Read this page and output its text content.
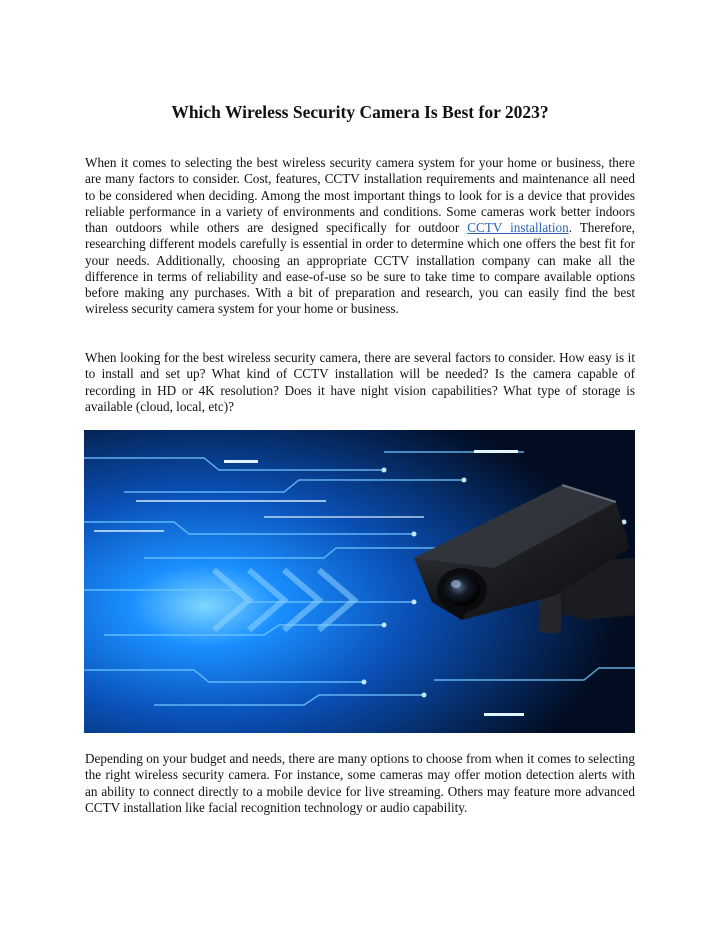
Which Wireless Security Camera Is Best for 2023?

When it comes to selecting the best wireless security camera system for your home or business, there are many factors to consider. Cost, features, CCTV installation requirements and maintenance all need to be considered when deciding. Among the most important things to look for is a device that provides reliable performance in a variety of environments and conditions. Some cameras work better indoors than outdoors while others are designed specifically for outdoor CCTV installation. Therefore, researching different models carefully is essential in order to determine which one offers the best fit for your needs. Additionally, choosing an appropriate CCTV installation company can make all the difference in terms of reliability and ease-of-use so be sure to take time to compare available options before making any purchases. With a bit of preparation and research, you can easily find the best wireless security camera system for your home or business.

When looking for the best wireless security camera, there are several factors to consider. How easy is it to install and set up? What kind of CCTV installation will be needed? Is the camera capable of recording in HD or 4K resolution? Does it have night vision capabilities? What type of storage is available (cloud, local, etc)?

Depending on your budget and needs, there are many options to choose from when it comes to selecting the right wireless security camera. For instance, some cameras may offer motion detection alerts with an ability to connect directly to a mobile device for live streaming. Others may feature more advanced CCTV installation like facial recognition technology or audio capability.
